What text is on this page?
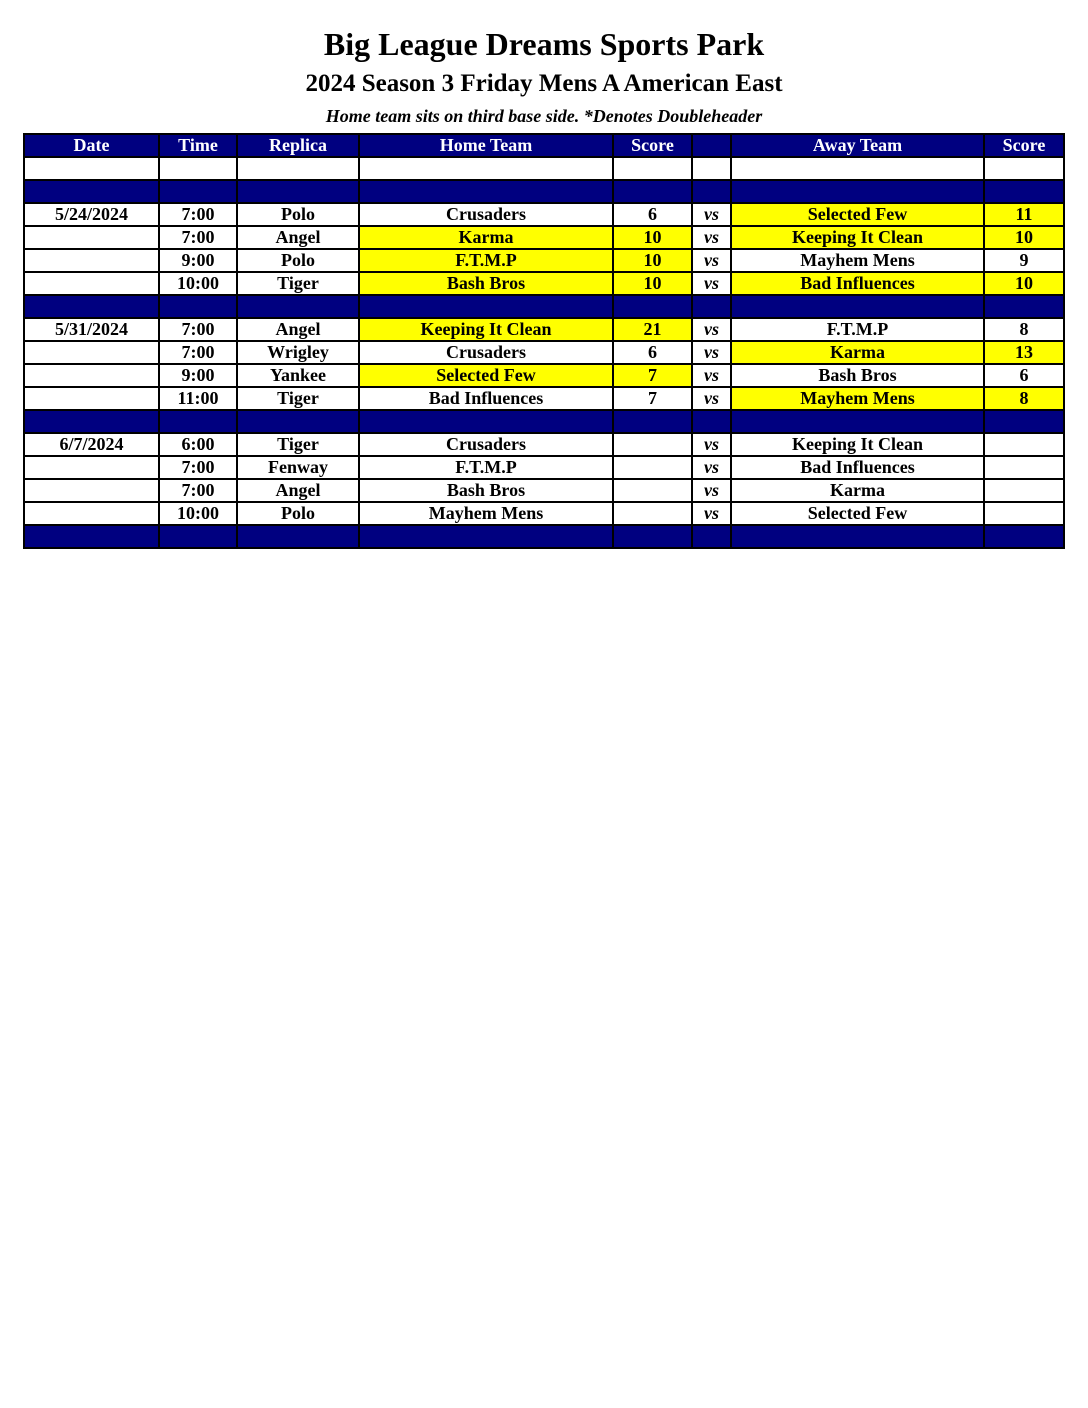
Big League Dreams Sports Park
2024 Season 3 Friday Mens A American East
Home team sits on third base side. *Denotes Doubleheader
Date	Time	Replica	Home Team	Score		Away Team	Score

5/24/2024	7:00	Polo	Crusaders	6	vs	Selected Few	11
	7:00	Angel	Karma	10	vs	Keeping It Clean	10
	9:00	Polo	F.T.M.P	10	vs	Mayhem Mens	9
	10:00	Tiger	Bash Bros	10	vs	Bad Influences	10

5/31/2024	7:00	Angel	Keeping It Clean	21	vs	F.T.M.P	8
	7:00	Wrigley	Crusaders	6	vs	Karma	13
	9:00	Yankee	Selected Few	7	vs	Bash Bros	6
	11:00	Tiger	Bad Influences	7	vs	Mayhem Mens	8

6/7/2024	6:00	Tiger	Crusaders		vs	Keeping It Clean	
	7:00	Fenway	F.T.M.P		vs	Bad Influences	
	7:00	Angel	Bash Bros		vs	Karma	
	10:00	Polo	Mayhem Mens		vs	Selected Few	
